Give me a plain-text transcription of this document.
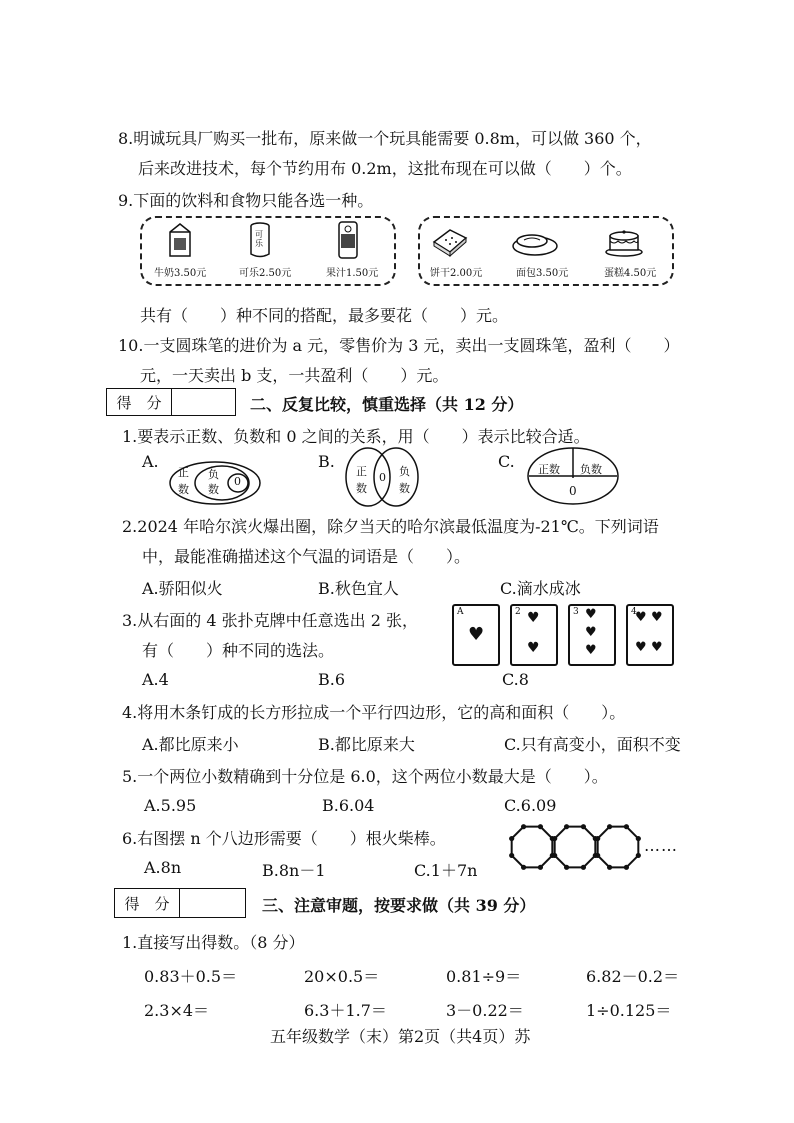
8.明诚玩具厂购买一批布，原来做一个玩具能需要 0.8m，可以做 360 个，
后来改进技术，每个节约用布 0.2m，这批布现在可以做（　　）个。
9.下面的饮料和食物只能各选一种。
牛奶3.50元
可乐
可乐2.50元	果汁1.50元	饼干2.00元	面包3.50元	蛋糕4.50元
共有（　　）种不同的搭配，最多要花（　　）元。
10.一支圆珠笔的进价为 a 元，零售价为 3 元，卖出一支圆珠笔，盈利（　　）
元，一天卖出 b 支，一共盈利（　　）元。
得　分	二、反复比较，慎重选择（共 12 分）
1.要表示正数、负数和 0 之间的关系，用（　　）表示比较合适。
A.
正
数
负
数
0
B.
正
数
负
数
0
C. 正数 负数
0
2.2024 年哈尔滨火爆出圈，除夕当天的哈尔滨最低温度为-21℃。下列词语
中，最能准确描述这个气温的词语是（　　）。
A.骄阳似火	B.秋色宜人	C.滴水成冰
3.从右面的 4 张扑克牌中任意选出 2 张，
有（　　）种不同的选法。
A
♥
2 ♥
♥
3 ♥
♥
♥
4
♥ ♥
♥ ♥
A.4	B.6	C.8
4.将用木条钉成的长方形拉成一个平行四边形，它的高和面积（　　）。
A.都比原来小	B.都比原来大	C.只有高变小，面积不变
5.一个两位小数精确到十分位是 6.0，这个两位小数最大是（　　）。
A.5.95	B.6.04	C.6.09
6.右图摆 n 个八边形需要（　　）根火柴棒。
A.8n	B.8n－1	C.1＋7n
……
得　分	三、注意审题，按要求做（共 39 分）
1.直接写出得数。（8 分）
0.83＋0.5＝	20×0.5＝	0.81÷9＝	6.82－0.2＝
2.3×4＝	6.3＋1.7＝	3－0.22＝	1÷0.125＝
五年级数学（末）第2页（共4页）苏
